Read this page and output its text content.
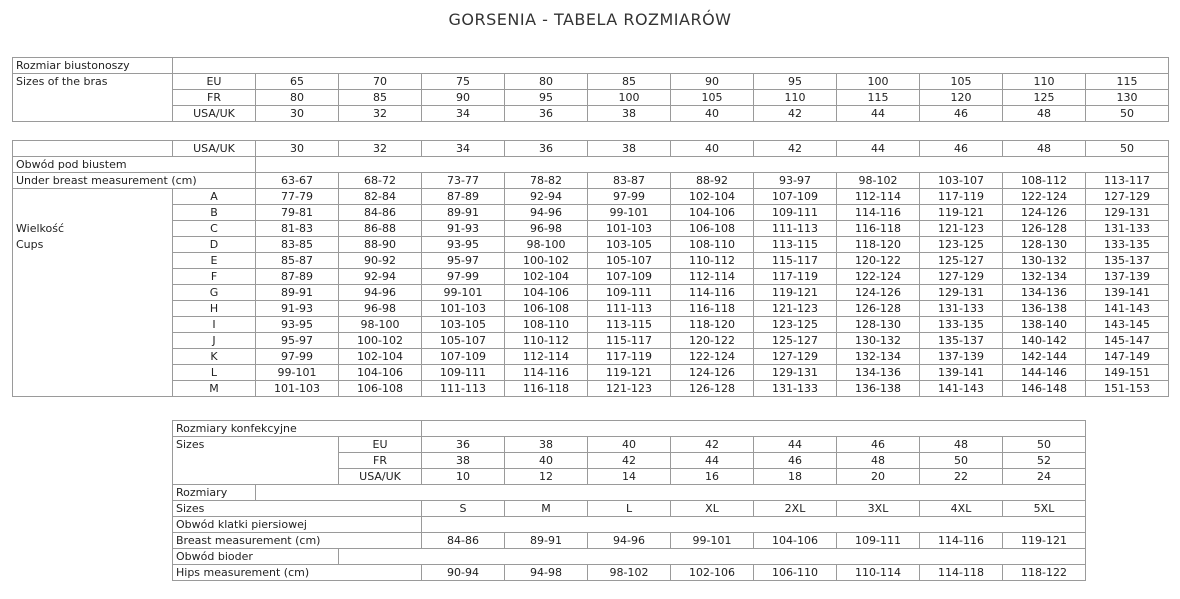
GORSENIA - TABELA ROZMIARÓW
Rozmiar biustonoszy												
Sizes of the bras	EU	65	70	75	80	85	90	95	100	105	110	115
	FR	80	85	90	95	100	105	110	115	120	125	130
	USA/UK	30	32	34	36	38	40	42	44	46	48	50
	USA/UK	30	32	34	36	38	40	42	44	46	48	50
Obwód pod biustem												
Under breast measurement (cm)		63-67	68-72	73-77	78-82	83-87	88-92	93-97	98-102	103-107	108-112	113-117
	A	77-79	82-84	87-89	92-94	97-99	102-104	107-109	112-114	117-119	122-124	127-129
	B	79-81	84-86	89-91	94-96	99-101	104-106	109-111	114-116	119-121	124-126	129-131
Wielkość	C	81-83	86-88	91-93	96-98	101-103	106-108	111-113	116-118	121-123	126-128	131-133
Cups	D	83-85	88-90	93-95	98-100	103-105	108-110	113-115	118-120	123-125	128-130	133-135
	E	85-87	90-92	95-97	100-102	105-107	110-112	115-117	120-122	125-127	130-132	135-137
	F	87-89	92-94	97-99	102-104	107-109	112-114	117-119	122-124	127-129	132-134	137-139
	G	89-91	94-96	99-101	104-106	109-111	114-116	119-121	124-126	129-131	134-136	139-141
	H	91-93	96-98	101-103	106-108	111-113	116-118	121-123	126-128	131-133	136-138	141-143
	I	93-95	98-100	103-105	108-110	113-115	118-120	123-125	128-130	133-135	138-140	143-145
	J	95-97	100-102	105-107	110-112	115-117	120-122	125-127	130-132	135-137	140-142	145-147
	K	97-99	102-104	107-109	112-114	117-119	122-124	127-129	132-134	137-139	142-144	147-149
	L	99-101	104-106	109-111	114-116	119-121	124-126	129-131	134-136	139-141	144-146	149-151
	M	101-103	106-108	111-113	116-118	121-123	126-128	131-133	136-138	141-143	146-148	151-153
Rozmiary konfekcyjne										
Sizes		EU	36	38	40	42	44	46	48	50
		FR	38	40	42	44	46	48	50	52
		USA/UK	10	12	14	16	18	20	22	24
Rozmiary										
Sizes			S	M	L	XL	2XL	3XL	4XL	5XL
Obwód klatki piersiowej										
Breast measurement (cm)			84-86	89-91	94-96	99-101	104-106	109-111	114-116	119-121
Obwód bioder										
Hips measurement (cm)			90-94	94-98	98-102	102-106	106-110	110-114	114-118	118-122
